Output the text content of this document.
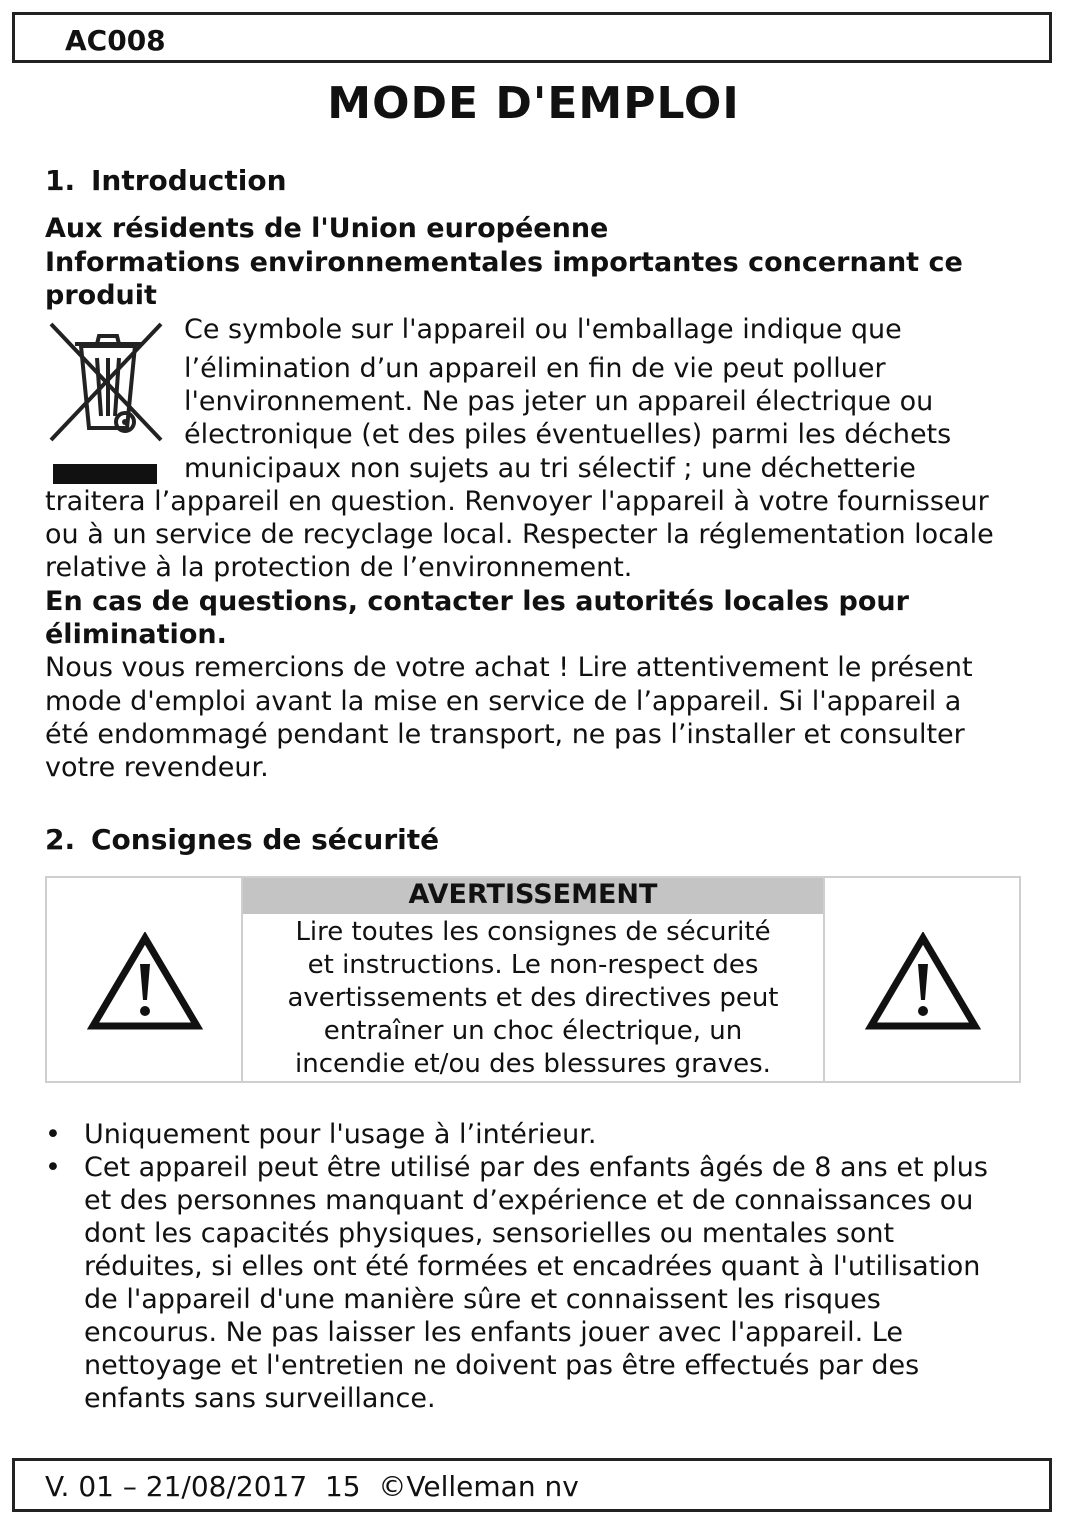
AC008
MODE D'EMPLOI
1. Introduction
Aux résidents de l'Union européenne
Informations environnementales importantes concernant ce
produit
Ce symbole sur l'appareil ou l'emballage indique que
l’élimination d’un appareil en fin de vie peut polluer
l'environnement. Ne pas jeter un appareil électrique ou
électronique (et des piles éventuelles) parmi les déchets
municipaux non sujets au tri sélectif ; une déchetterie
traitera l’appareil en question. Renvoyer l'appareil à votre fournisseur
ou à un service de recyclage local. Respecter la réglementation locale
relative à la protection de l’environnement.
En cas de questions, contacter les autorités locales pour
élimination.
Nous vous remercions de votre achat ! Lire attentivement le présent
mode d'emploi avant la mise en service de l’appareil. Si l'appareil a
été endommagé pendant le transport, ne pas l’installer et consulter
votre revendeur.
2. Consignes de sécurité
AVERTISSEMENT
Lire toutes les consignes de sécurité
et instructions. Le non-respect des
avertissements et des directives peut
entraîner un choc électrique, un
incendie et/ou des blessures graves.
• Uniquement pour l'usage à l’intérieur.
• Cet appareil peut être utilisé par des enfants âgés de 8 ans et plus
et des personnes manquant d’expérience et de connaissances ou
dont les capacités physiques, sensorielles ou mentales sont
réduites, si elles ont été formées et encadrées quant à l'utilisation
de l'appareil d'une manière sûre et connaissent les risques
encourus. Ne pas laisser les enfants jouer avec l'appareil. Le
nettoyage et l'entretien ne doivent pas être effectués par des
enfants sans surveillance.
V. 01 – 21/08/2017  15  ©Velleman nv
